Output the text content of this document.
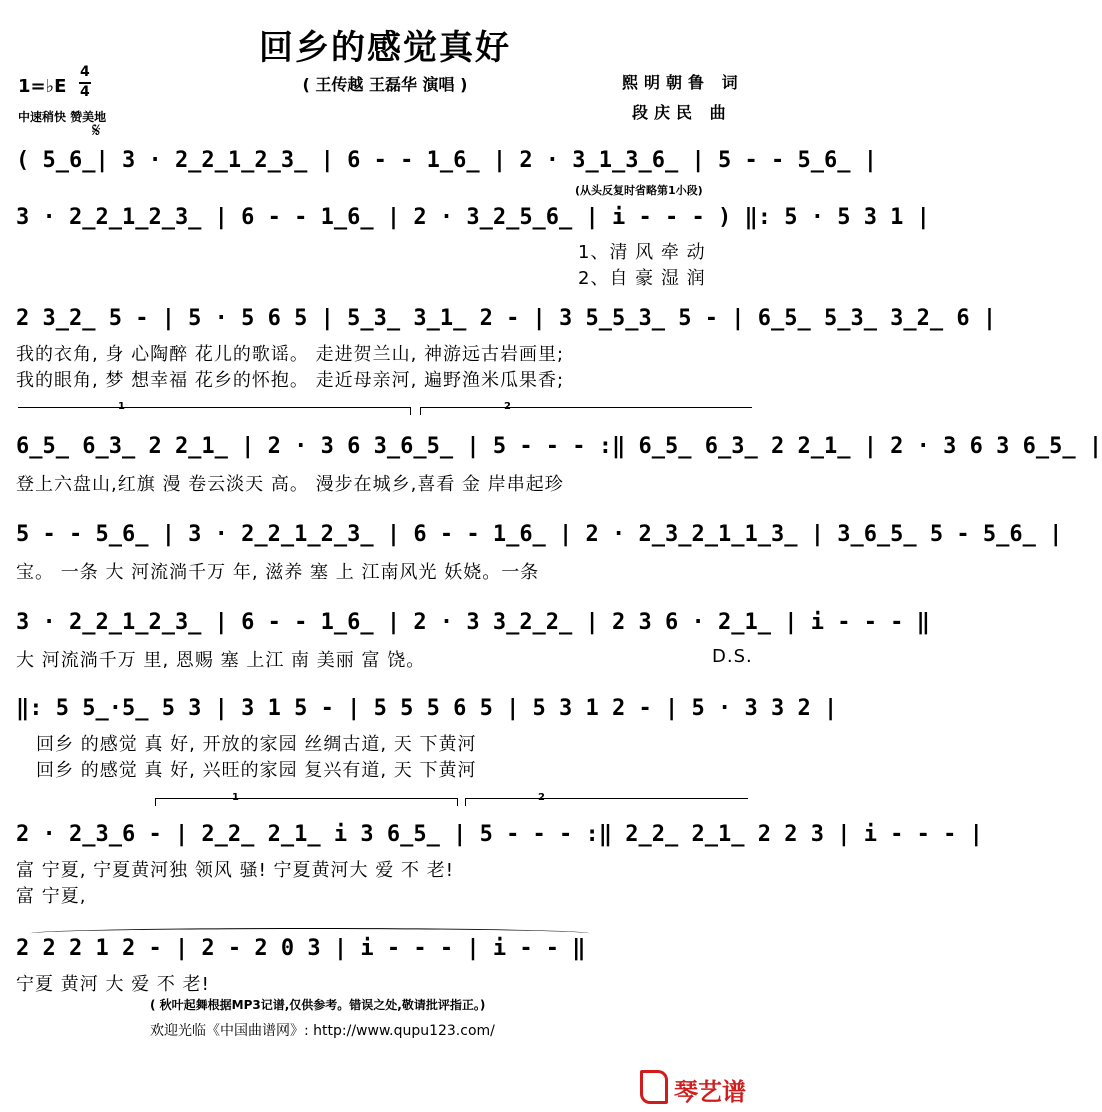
回乡的感觉真好
( 王传越 王磊华 演唱 )	熙明朝鲁 词
段庆民 曲
1=♭E
4
4
中速稍快 赞美地
𝄋
( 5̲6̲| 3 · 2̲2̲1̲2̲3̲ | 6 - - 1̲6̲ | 2 · 3̲1̲3̲6̲ | 5 - - 5̲6̲ |
(从头反复时省略第1小段)
3 · 2̲2̲1̲2̲3̲ | 6 - - 1̲6̲ | 2 · 3̲2̲5̲6̲ | i - - - ) ‖: 5 · 5 3 1 |
1、清 风 牵 动
2、自 豪 湿 润
2 3̲2̲ 5 - | 5 · 5 6 5 | 5̲3̲ 3̲1̲ 2 - | 3 5̲5̲3̲ 5 - | 6̲5̲ 5̲3̲ 3̲2̲ 6 |
我的衣角, 身 心陶醉 花儿的歌谣。 走进贺兰山, 神游远古岩画里;
我的眼角, 梦 想幸福 花乡的怀抱。 走近母亲河, 遍野渔米瓜果香;
1	2
6̲5̲ 6̲3̲ 2 2̲1̲ | 2 · 3 6 3̲6̲5̲ | 5 - - - :‖ 6̲5̲ 6̲3̲ 2 2̲1̲ | 2 · 3 6 3 6̲5̲ |
登上六盘山,红旗 漫 卷云淡天 高。 漫步在城乡,喜看 金 岸串起珍
5 - - 5̲6̲ | 3 · 2̲2̲1̲2̲3̲ | 6 - - 1̲6̲ | 2 · 2̲3̲2̲1̲1̲3̲ | 3̲6̲5̲ 5 - 5̲6̲ |
宝。 一条 大 河流淌千万 年, 滋养 塞 上 江南风光 妖娆。一条
3 · 2̲2̲1̲2̲3̲ | 6 - - 1̲6̲ | 2 · 3 3̲2̲2̲ | 2 3 6 · 2̲1̲ | i - - - ‖
大 河流淌千万 里, 恩赐 塞 上江 南 美丽 富 饶。	D.S.
‖: 5 5̲·5̲ 5 3 | 3 1 5 - | 5 5 5 6 5 | 5 3 1 2 - | 5 · 3 3 2 |
回乡 的感觉 真 好, 开放的家园 丝绸古道, 天 下黄河
回乡 的感觉 真 好, 兴旺的家园 复兴有道, 天 下黄河
1	2
2 · 2̲3̲6 - | 2̲2̲ 2̲1̲ i 3 6̲5̲ | 5 - - - :‖ 2̲2̲ 2̲1̲ 2 2 3 | i - - - |
富 宁夏, 宁夏黄河独 领风 骚! 宁夏黄河大 爱 不 老!
富 宁夏,
2 2 2 1 2 - | 2 - 2 0 3 | i - - - | i - - ‖
宁夏 黄河 大 爱 不 老!
( 秋叶起舞根据MP3记谱,仅供参考。错误之处,敬请批评指正。)
欢迎光临《中国曲谱网》: http://www.qupu123.com/
琴艺谱
